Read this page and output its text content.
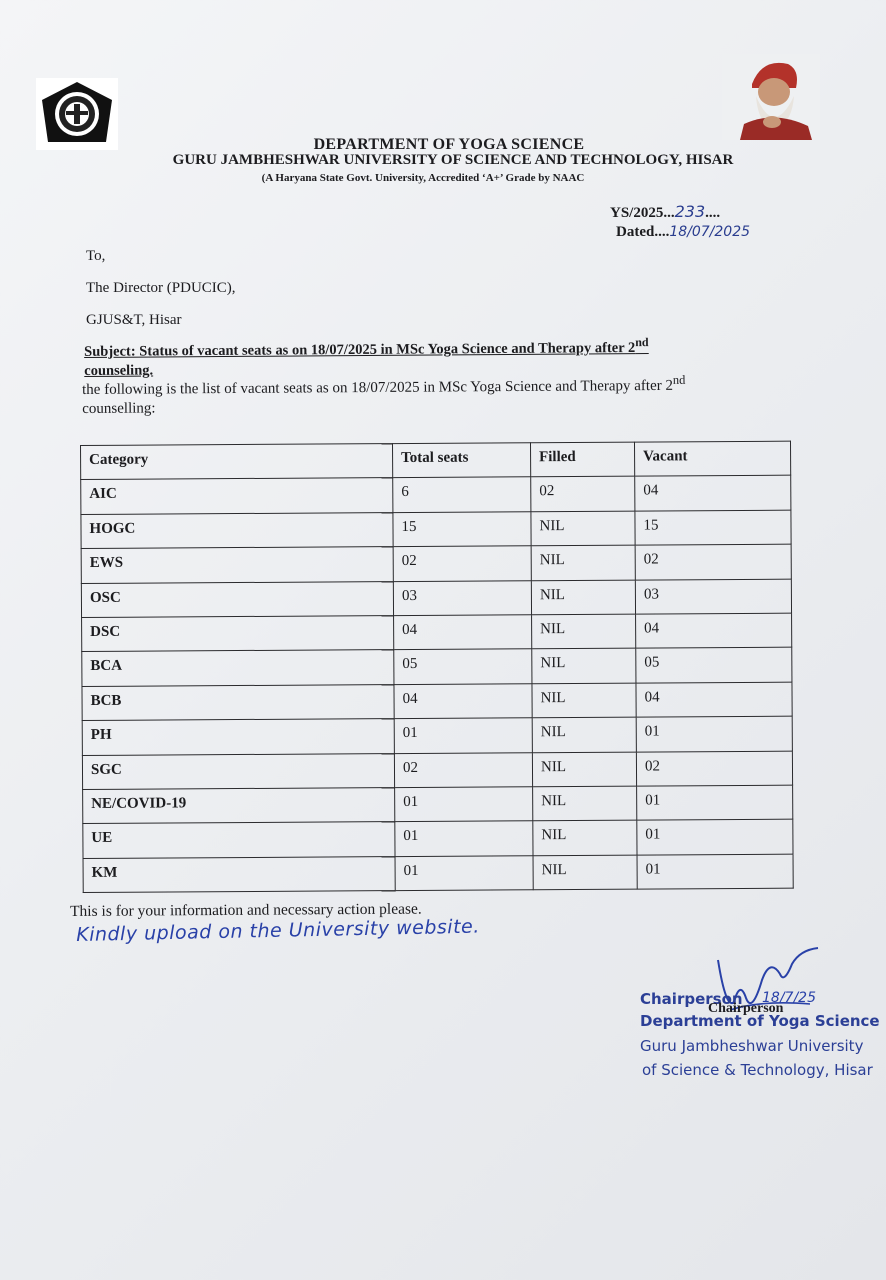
DEPARTMENT OF YOGA SCIENCE
GURU JAMBHESHWAR UNIVERSITY OF SCIENCE AND TECHNOLOGY, HISAR
(A Haryana State Govt. University, Accredited ‘A+’ Grade by NAAC
YS/2025...233....
Dated....18/07/2025
To,
The Director (PDUCIC),
GJUS&T, Hisar
Subject: Status of vacant seats as on 18/07/2025 in MSc Yoga Science and Therapy after 2nd
counseling.
the following is the list of vacant seats as on 18/07/2025 in MSc Yoga Science and Therapy after 2nd
counselling:
Category	Total seats	Filled	Vacant
AIC	6	02	04
HOGC	15	NIL	15
EWS	02	NIL	02
OSC	03	NIL	03
DSC	04	NIL	04
BCA	05	NIL	05
BCB	04	NIL	04
PH	01	NIL	01
SGC	02	NIL	02
NE/COVID-19	01	NIL	01
UE	01	NIL	01
KM	01	NIL	01
This is for your information and necessary action please.
Kindly upload on the University website.
18/7/25
Chairperson
Chairperson
Department of Yoga Science
Guru Jambheshwar University
of Science & Technology, Hisar
